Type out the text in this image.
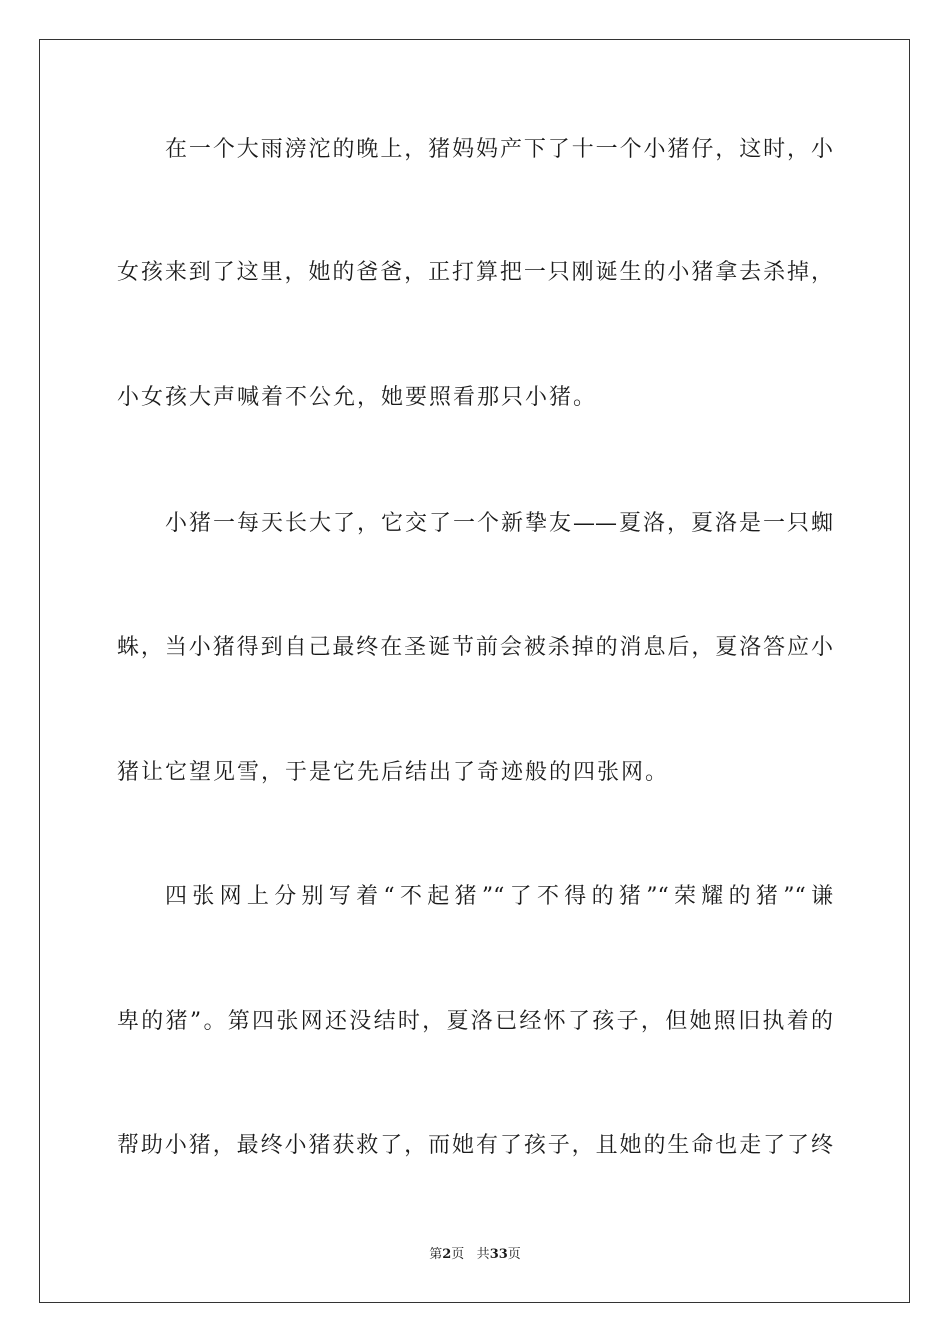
在一个大雨滂沱的晚上，猪妈妈产下了十一个小猪仔，这时，小
女孩来到了这里，她的爸爸，正打算把一只刚诞生的小猪拿去杀掉，
小女孩大声喊着不公允，她要照看那只小猪。
小猪一每天长大了，它交了一个新挚友——夏洛，夏洛是一只蜘
蛛，当小猪得到自己最终在圣诞节前会被杀掉的消息后，夏洛答应小
猪让它望见雪，于是它先后结出了奇迹般的四张网。
四张网上分别写着“不起猪”“了不得的猪”“荣耀的猪”“谦
卑的猪”。第四张网还没结时，夏洛已经怀了孩子，但她照旧执着的
帮助小猪，最终小猪获救了，而她有了孩子，且她的生命也走了了终
第2页 共33页
